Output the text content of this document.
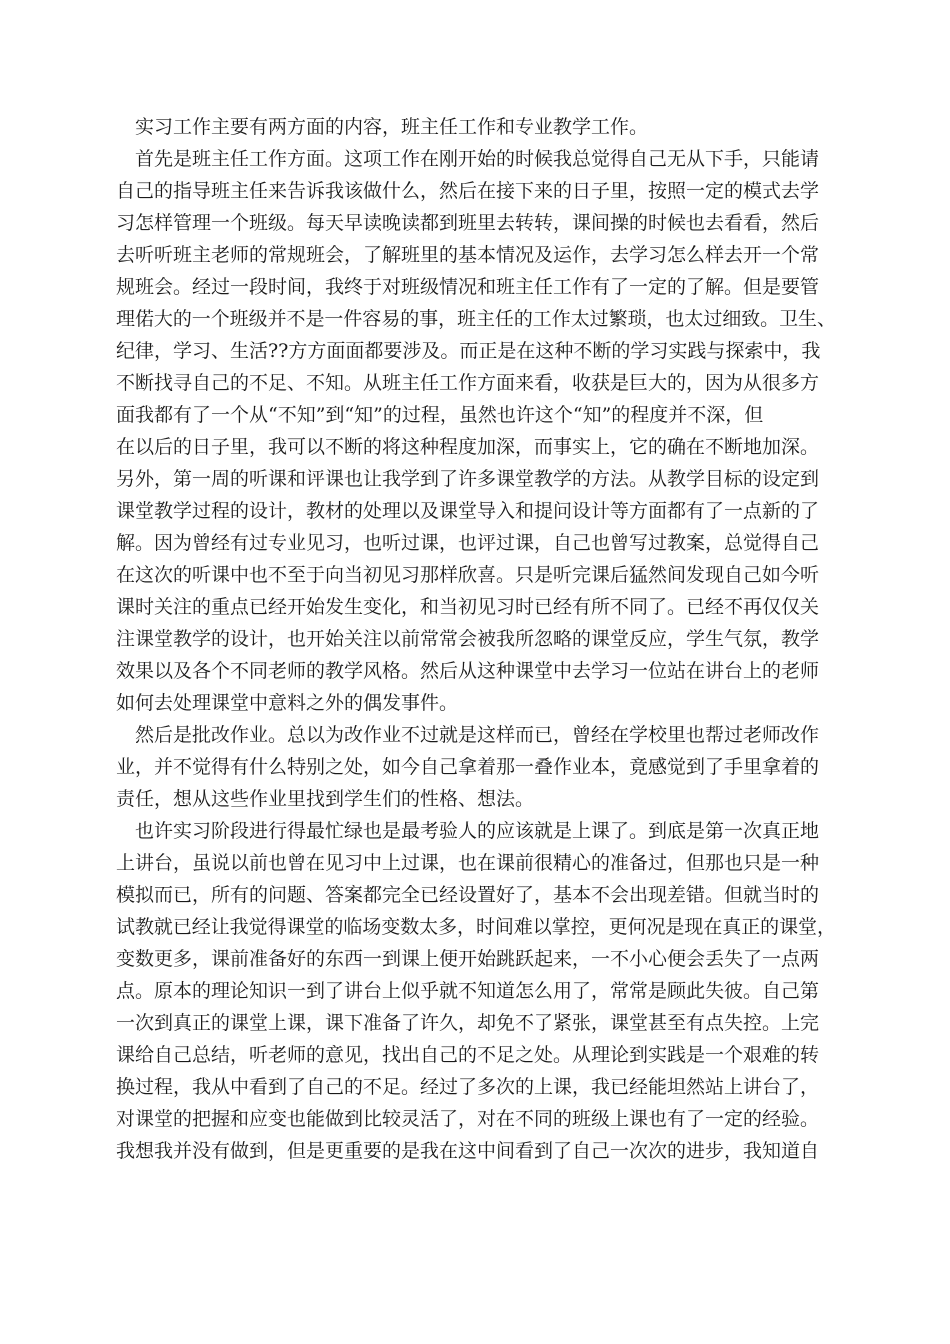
　实习工作主要有两方面的内容，班主任工作和专业教学工作。
　首先是班主任工作方面。这项工作在刚开始的时候我总觉得自己无从下手，只能请
自己的指导班主任来告诉我该做什么，然后在接下来的日子里，按照一定的模式去学
习怎样管理一个班级。每天早读晚读都到班里去转转，课间操的时候也去看看，然后
去听听班主老师的常规班会，了解班里的基本情况及运作，去学习怎么样去开一个常
规班会。经过一段时间，我终于对班级情况和班主任工作有了一定的了解。但是要管
理偌大的一个班级并不是一件容易的事，班主任的工作太过繁琐，也太过细致。卫生、
纪律，学习、生活??方方面面都要涉及。而正是在这种不断的学习实践与探索中，我
不断找寻自己的不足、不知。从班主任工作方面来看，收获是巨大的，因为从很多方
面我都有了一个从“不知”到“知”的过程，虽然也许这个“知”的程度并不深，但
在以后的日子里，我可以不断的将这种程度加深，而事实上，它的确在不断地加深。
另外，第一周的听课和评课也让我学到了许多课堂教学的方法。从教学目标的设定到
课堂教学过程的设计，教材的处理以及课堂导入和提问设计等方面都有了一点新的了
解。因为曾经有过专业见习，也听过课，也评过课，自己也曾写过教案，总觉得自己
在这次的听课中也不至于向当初见习那样欣喜。只是听完课后猛然间发现自己如今听
课时关注的重点已经开始发生变化，和当初见习时已经有所不同了。已经不再仅仅关
注课堂教学的设计，也开始关注以前常常会被我所忽略的课堂反应，学生气氛，教学
效果以及各个不同老师的教学风格。然后从这种课堂中去学习一位站在讲台上的老师
如何去处理课堂中意料之外的偶发事件。
　然后是批改作业。总以为改作业不过就是这样而已，曾经在学校里也帮过老师改作
业，并不觉得有什么特别之处，如今自己拿着那一叠作业本，竟感觉到了手里拿着的
责任，想从这些作业里找到学生们的性格、想法。
　也许实习阶段进行得最忙绿也是最考验人的应该就是上课了。到底是第一次真正地
上讲台，虽说以前也曾在见习中上过课，也在课前很精心的准备过，但那也只是一种
模拟而已，所有的问题、答案都完全已经设置好了，基本不会出现差错。但就当时的
试教就已经让我觉得课堂的临场变数太多，时间难以掌控，更何况是现在真正的课堂，
变数更多，课前准备好的东西一到课上便开始跳跃起来，一不小心便会丢失了一点两
点。原本的理论知识一到了讲台上似乎就不知道怎么用了，常常是顾此失彼。自己第
一次到真正的课堂上课，课下准备了许久，却免不了紧张，课堂甚至有点失控。上完
课给自己总结，听老师的意见，找出自己的不足之处。从理论到实践是一个艰难的转
换过程，我从中看到了自己的不足。经过了多次的上课，我已经能坦然站上讲台了，
对课堂的把握和应变也能做到比较灵活了，对在不同的班级上课也有了一定的经验。
我想我并没有做到，但是更重要的是我在这中间看到了自己一次次的进步，我知道自
